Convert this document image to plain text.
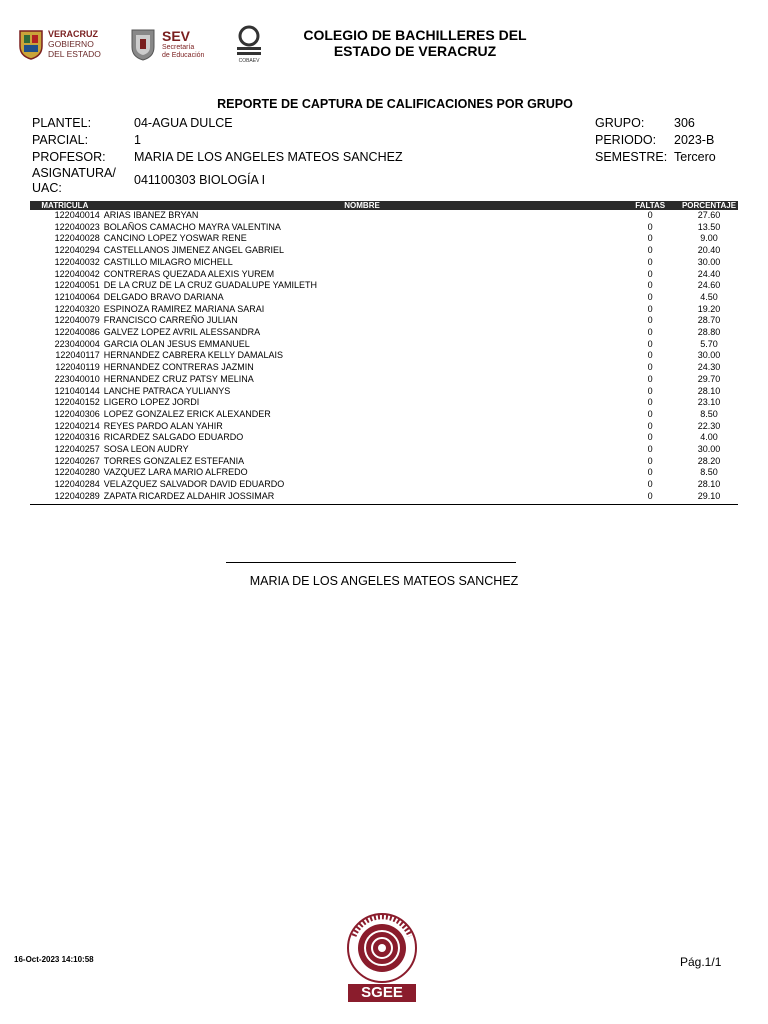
VERACRUZ
GOBIERNO
DEL ESTADO
SEV
Secretaría
de Educación
COBAEV
COLEGIO DE BACHILLERES DEL
ESTADO DE VERACRUZ
REPORTE DE CAPTURA DE CALIFICACIONES POR GRUPO
PLANTEL:	04-AGUA DULCE
PARCIAL:	1
PROFESOR: MARIA DE LOS ANGELES MATEOS SANCHEZ
ASIGNATURA/
UAC:
041100303 BIOLOGÍA I
GRUPO: 306
PERIODO: 2023-B
SEMESTRE: Tercero
MATRICULA	NOMBRE	FALTAS	PORCENTAJE
122040014	ARIAS IBANEZ BRYAN	0	27.60
122040023	BOLAÑOS CAMACHO MAYRA VALENTINA	0	13.50
122040028	CANCINO LOPEZ YOSWAR RENE	0	9.00
122040294	CASTELLANOS JIMENEZ ANGEL GABRIEL	0	20.40
122040032	CASTILLO MILAGRO MICHELL	0	30.00
122040042	CONTRERAS QUEZADA ALEXIS YUREM	0	24.40
122040051	DE LA CRUZ DE LA CRUZ GUADALUPE YAMILETH	0	24.60
121040064	DELGADO BRAVO DARIANA	0	4.50
122040320	ESPINOZA RAMIREZ MARIANA SARAI	0	19.20
122040079	FRANCISCO CARREÑO JULIAN	0	28.70
122040086	GALVEZ LOPEZ AVRIL ALESSANDRA	0	28.80
223040004	GARCIA OLAN JESUS EMMANUEL	0	5.70
122040117	HERNANDEZ CABRERA KELLY DAMALAIS	0	30.00
122040119	HERNANDEZ CONTRERAS JAZMIN	0	24.30
223040010	HERNANDEZ CRUZ PATSY MELINA	0	29.70
121040144	LANCHE PATRACA YULIANYS	0	28.10
122040152	LIGERO LOPEZ JORDI	0	23.10
122040306	LOPEZ GONZALEZ ERICK ALEXANDER	0	8.50
122040214	REYES PARDO ALAN YAHIR	0	22.30
122040316	RICARDEZ SALGADO EDUARDO	0	4.00
122040257	SOSA LEON AUDRY	0	30.00
122040267	TORRES GONZALEZ ESTEFANIA	0	28.20
122040280	VAZQUEZ LARA MARIO ALFREDO	0	8.50
122040284	VELAZQUEZ SALVADOR DAVID EDUARDO	0	28.10
122040289	ZAPATA RICARDEZ ALDAHIR JOSSIMAR	0	29.10
MARIA DE LOS ANGELES MATEOS SANCHEZ
16-Oct-2023 14:10:58	Pág.1/1
SGEE
